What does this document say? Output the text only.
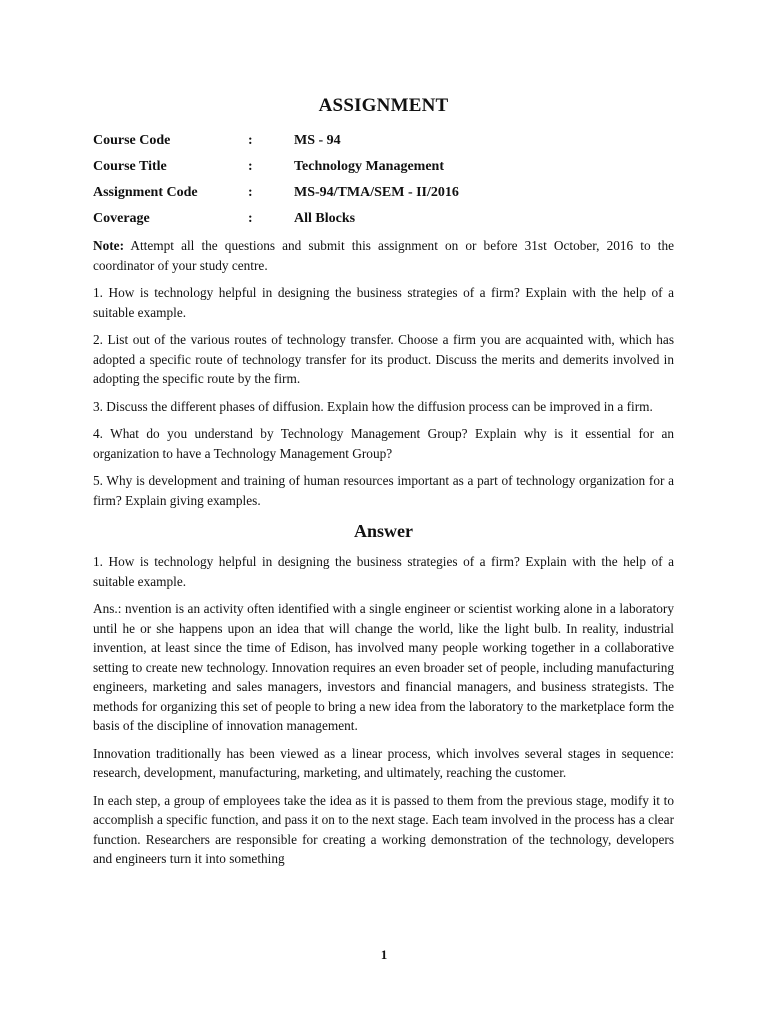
ASSIGNMENT
Course Code	:	MS - 94
Course Title	:	Technology Management
Assignment Code	:	MS-94/TMA/SEM - II/2016
Coverage	:	All Blocks

Note: Attempt all the questions and submit this assignment on or before 31st October, 2016 to the coordinator of your study centre.

1. How is technology helpful in designing the business strategies of a firm? Explain with the help of a suitable example.

2. List out of the various routes of technology transfer. Choose a firm you are acquainted with, which has adopted a specific route of technology transfer for its product. Discuss the merits and demerits involved in adopting the specific route by the firm.

3. Discuss the different phases of diffusion. Explain how the diffusion process can be improved in a firm.

4. What do you understand by Technology Management Group? Explain why is it essential for an organization to have a Technology Management Group?

5. Why is development and training of human resources important as a part of technology organization for a firm? Explain giving examples.

Answer

1. How is technology helpful in designing the business strategies of a firm? Explain with the help of a suitable example.

Ans.: nvention is an activity often identified with a single engineer or scientist working alone in a laboratory until he or she happens upon an idea that will change the world, like the light bulb. In reality, industrial invention, at least since the time of Edison, has involved many people working together in a collaborative setting to create new technology. Innovation requires an even broader set of people, including manufacturing engineers, marketing and sales managers, investors and financial managers, and business strategists. The methods for organizing this set of people to bring a new idea from the laboratory to the marketplace form the basis of the discipline of innovation management.

Innovation traditionally has been viewed as a linear process, which involves several stages in sequence: research, development, manufacturing, marketing, and ultimately, reaching the customer.

In each step, a group of employees take the idea as it is passed to them from the previous stage, modify it to accomplish a specific function, and pass it on to the next stage. Each team involved in the process has a clear function. Researchers are responsible for creating a working demonstration of the technology, developers and engineers turn it into something

1
